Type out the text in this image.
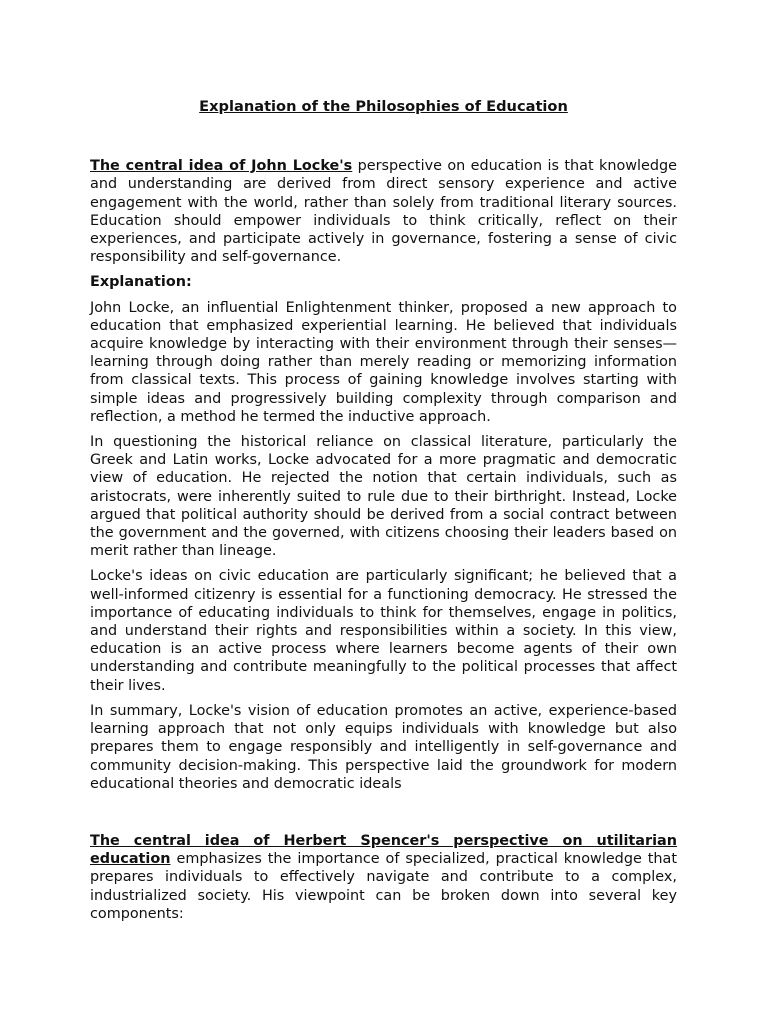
Explanation of the Philosophies of Education

The central idea of John Locke's perspective on education is that knowledge and understanding are derived from direct sensory experience and active engagement with the world, rather than solely from traditional literary sources. Education should empower individuals to think critically, reflect on their experiences, and participate actively in governance, fostering a sense of civic responsibility and self-governance.

Explanation:

John Locke, an influential Enlightenment thinker, proposed a new approach to education that emphasized experiential learning. He believed that individuals acquire knowledge by interacting with their environment through their senses—learning through doing rather than merely reading or memorizing information from classical texts. This process of gaining knowledge involves starting with simple ideas and progressively building complexity through comparison and reflection, a method he termed the inductive approach.

In questioning the historical reliance on classical literature, particularly the Greek and Latin works, Locke advocated for a more pragmatic and democratic view of education. He rejected the notion that certain individuals, such as aristocrats, were inherently suited to rule due to their birthright. Instead, Locke argued that political authority should be derived from a social contract between the government and the governed, with citizens choosing their leaders based on merit rather than lineage.

Locke's ideas on civic education are particularly significant; he believed that a well-informed citizenry is essential for a functioning democracy. He stressed the importance of educating individuals to think for themselves, engage in politics, and understand their rights and responsibilities within a society. In this view, education is an active process where learners become agents of their own understanding and contribute meaningfully to the political processes that affect their lives.

In summary, Locke's vision of education promotes an active, experience-based learning approach that not only equips individuals with knowledge but also prepares them to engage responsibly and intelligently in self-governance and community decision-making. This perspective laid the groundwork for modern educational theories and democratic ideals

The central idea of Herbert Spencer's perspective on utilitarian education emphasizes the importance of specialized, practical knowledge that prepares individuals to effectively navigate and contribute to a complex, industrialized society. His viewpoint can be broken down into several key components:
